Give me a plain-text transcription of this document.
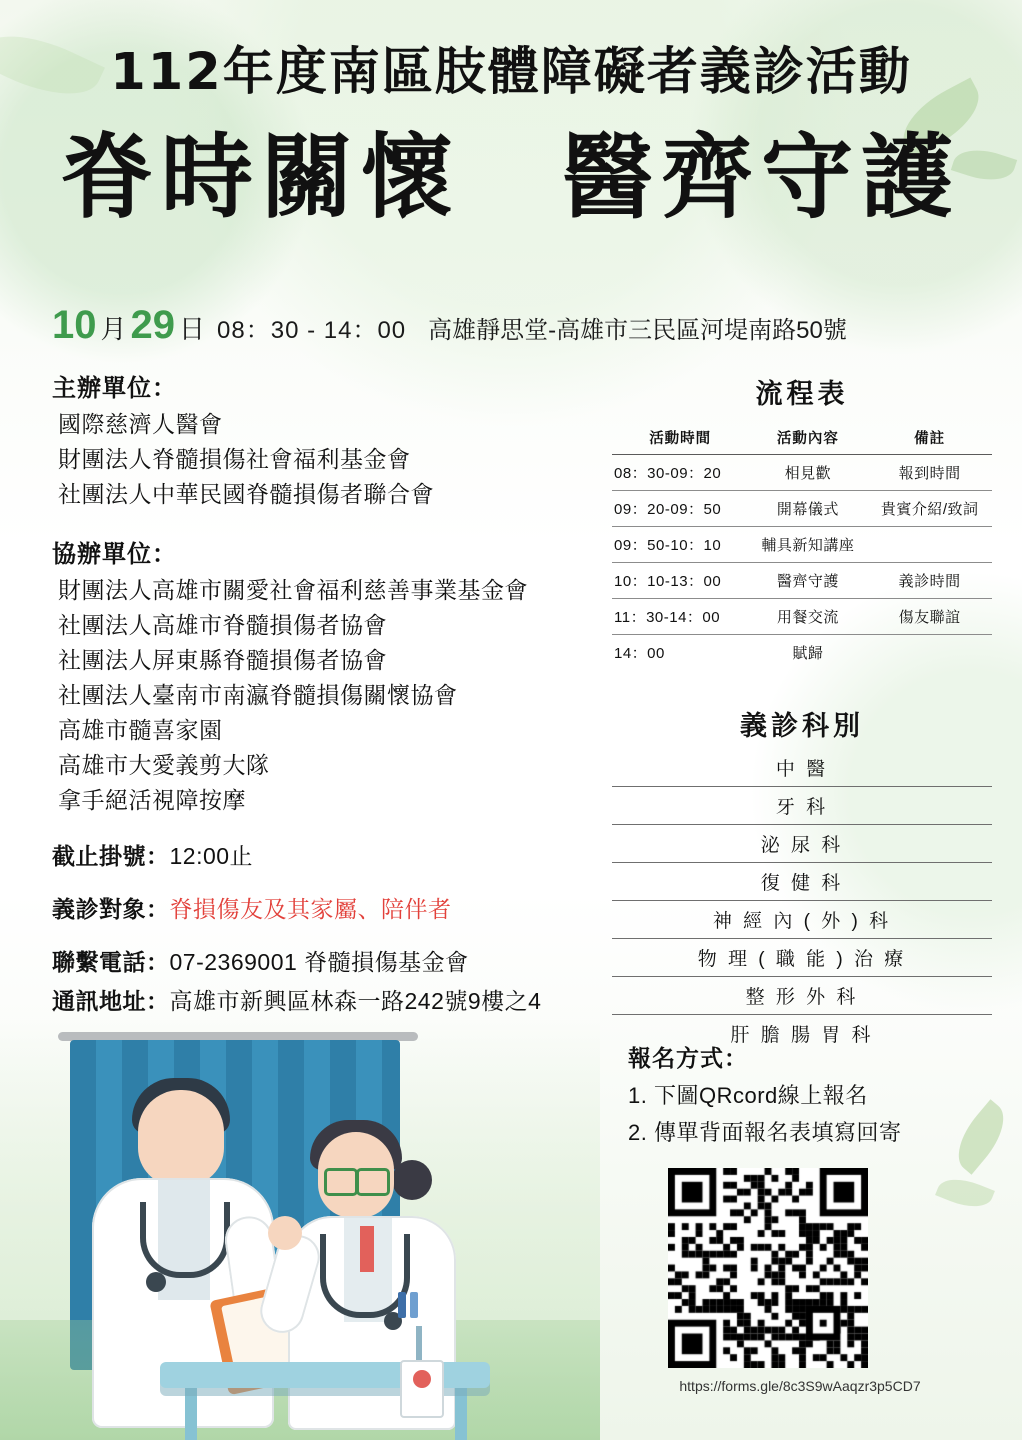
112年度南區肢體障礙者義診活動
脊時關懷　醫齊守護
10 月 29 日 08：30 - 14：00 高雄靜思堂-高雄市三民區河堤南路50號
主辦單位：
國際慈濟人醫會
財團法人脊髓損傷社會福利基金會
社團法人中華民國脊髓損傷者聯合會
協辦單位：
財團法人高雄市關愛社會福利慈善事業基金會
社團法人高雄市脊髓損傷者協會
社團法人屏東縣脊髓損傷者協會
社團法人臺南市南瀛脊髓損傷關懷協會
高雄市髓喜家園
高雄市大愛義剪大隊
拿手絕活視障按摩
截止掛號：12:00止
義診對象：脊損傷友及其家屬、陪伴者
聯繫電話：07-2369001 脊髓損傷基金會
通訊地址：高雄市新興區林森一路242號9樓之4
流程表
活動時間	活動內容	備註
08：30-09：20	相見歡	報到時間
09：20-09：50	開幕儀式	貴賓介紹/致詞
09：50-10：10	輔具新知講座	
10：10-13：00	醫齊守護	義診時間
11：30-14：00	用餐交流	傷友聯誼
14：00	賦歸	
義診科別
中 醫
牙 科
泌 尿 科
復 健 科
神 經 內 ( 外 ) 科
物 理 ( 職 能 ) 治 療
整 形 外 科
肝 膽 腸 胃 科
報名方式：
1. 下圖QRcord線上報名
2. 傳單背面報名表填寫回寄
https://forms.gle/8c3S9wAaqzr3p5CD7
